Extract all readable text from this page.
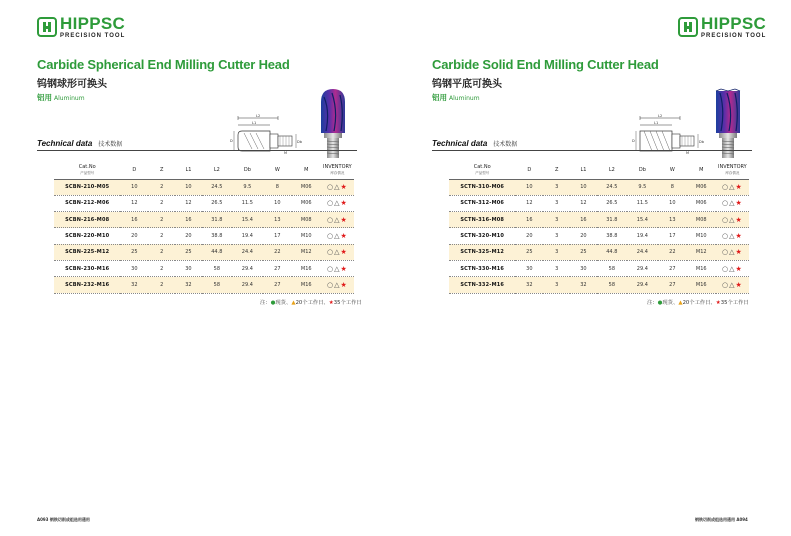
HIPPSC
PRECISION TOOL
Carbide Spherical End Milling Cutter Head
钨钢球形可换头
铝用 Aluminum
L2
L1
D	Db
M
Technical data 技术数据
Cat.No
产品型号	D	Z	L1	L2	Db	W	M	INVENTORY
库存情况

SCBN-210-M05	10	2	10	24.5	9.5	8	M06	○△★
SCBN-212-M06	12	2	12	26.5	11.5	10	M06	○△★
SCBN-216-M08	16	2	16	31.8	15.4	13	M08	○△★
SCBN-220-M10	20	2	20	38.8	19.4	17	M10	○△★
SCBN-225-M12	25	2	25	44.8	24.4	22	M12	○△★
SCBN-230-M16	30	2	30	58	29.4	27	M16	○△★
SCBN-232-M16	32	2	32	58	29.4	27	M16	○△★
注：●现货、▲20个工作日、★35个工作日
A093 钢铁切削成组选用通用
HIPPSC
PRECISION TOOL
Carbide Solid End Milling Cutter Head
钨钢平底可换头
铝用 Aluminum
L2
L1
D	Db
M
Technical data 技术数据
Cat.No
产品型号	D	Z	L1	L2	Db	W	M	INVENTORY
库存情况

SCTN-310-M06	10	3	10	24.5	9.5	8	M06	○△★
SCTN-312-M06	12	3	12	26.5	11.5	10	M06	○△★
SCTN-316-M08	16	3	16	31.8	15.4	13	M08	○△★
SCTN-320-M10	20	3	20	38.8	19.4	17	M10	○△★
SCTN-325-M12	25	3	25	44.8	24.4	22	M12	○△★
SCTN-330-M16	30	3	30	58	29.4	27	M16	○△★
SCTN-332-M16	32	3	32	58	29.4	27	M16	○△★
注：●现货、▲20个工作日、★35个工作日
钢铁切削成组选用通用 A094
